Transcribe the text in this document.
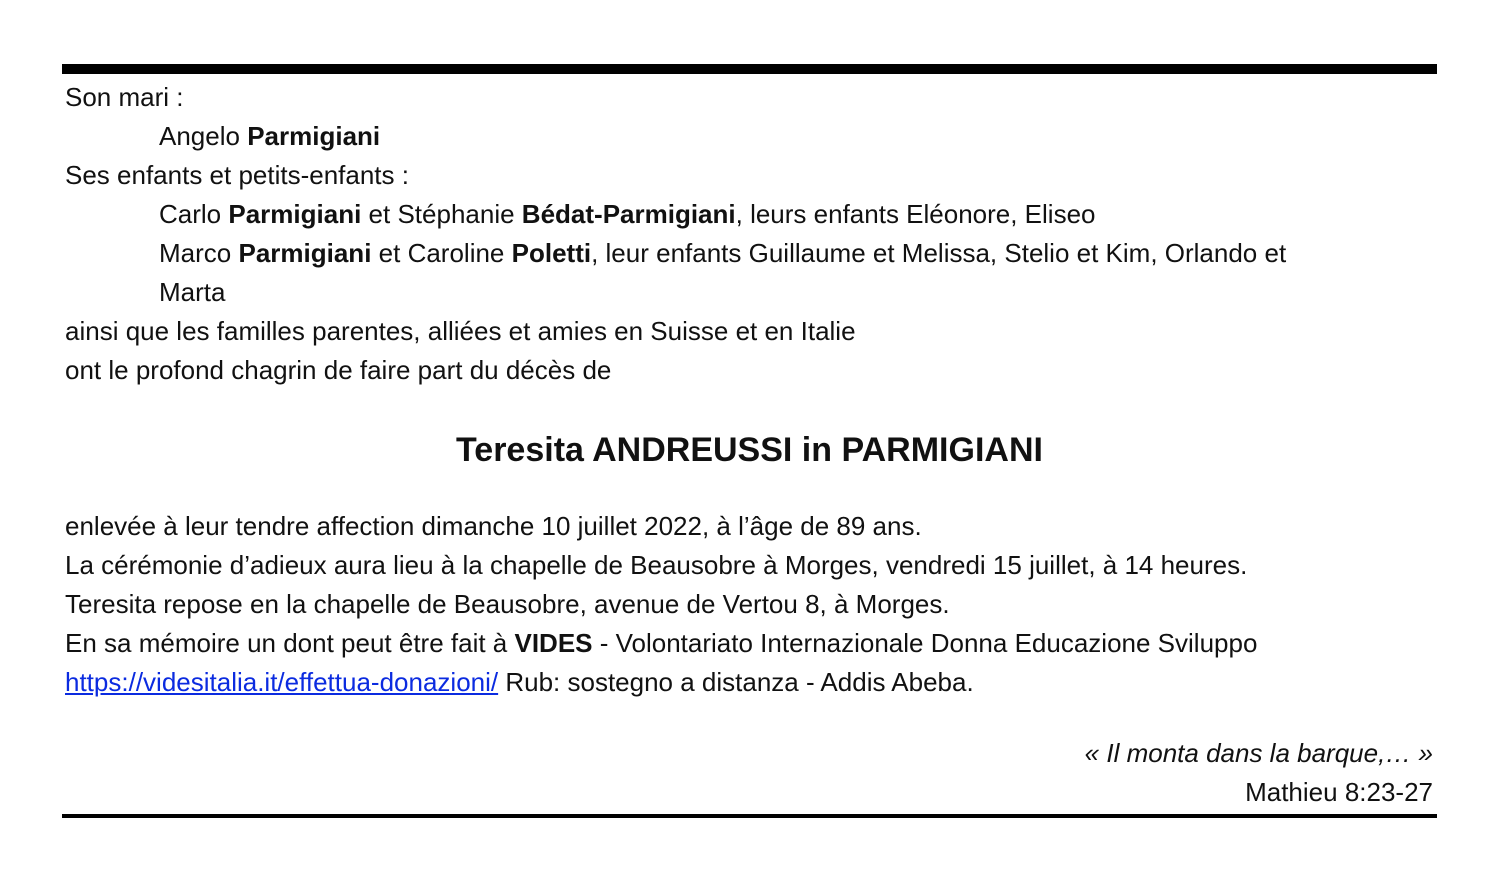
Son mari :
Angelo Parmigiani
Ses enfants et petits-enfants :
Carlo Parmigiani et Stéphanie Bédat-Parmigiani, leurs enfants Eléonore, Eliseo
Marco Parmigiani et Caroline Poletti, leur enfants Guillaume et Melissa, Stelio et Kim, Orlando et
Marta
ainsi que les familles parentes, alliées et amies en Suisse et en Italie
ont le profond chagrin de faire part du décès de
Teresita ANDREUSSI in PARMIGIANI
enlevée à leur tendre affection dimanche 10 juillet 2022, à l’âge de 89 ans.
La cérémonie d’adieux aura lieu à la chapelle de Beausobre à Morges, vendredi 15 juillet, à 14 heures.
Teresita repose en la chapelle de Beausobre, avenue de Vertou 8, à Morges.
En sa mémoire un dont peut être fait à VIDES - Volontariato Internazionale Donna Educazione Sviluppo
https://videsitalia.it/effettua-donazioni/ Rub: sostegno a distanza - Addis Abeba.
« Il monta dans la barque,… »
Mathieu 8:23-27
